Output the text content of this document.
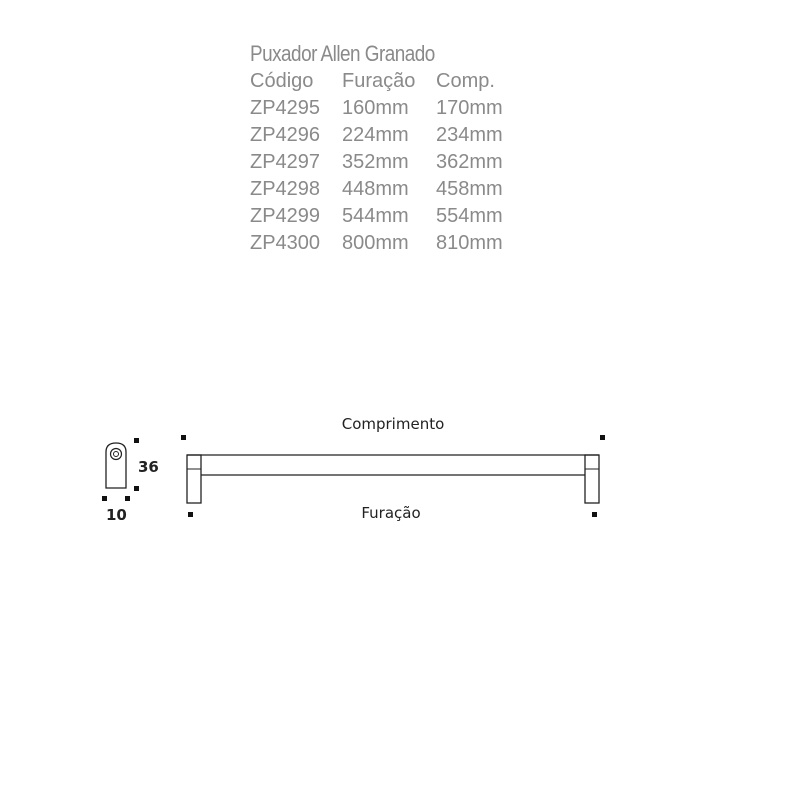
Puxador Allen Granado
Código	Furação	Comp.
ZP4295	160mm	170mm
ZP4296	224mm	234mm
ZP4297	352mm	362mm
ZP4298	448mm	458mm
ZP4299	544mm	554mm
ZP4300	800mm	810mm
36
10
Comprimento
Furação
